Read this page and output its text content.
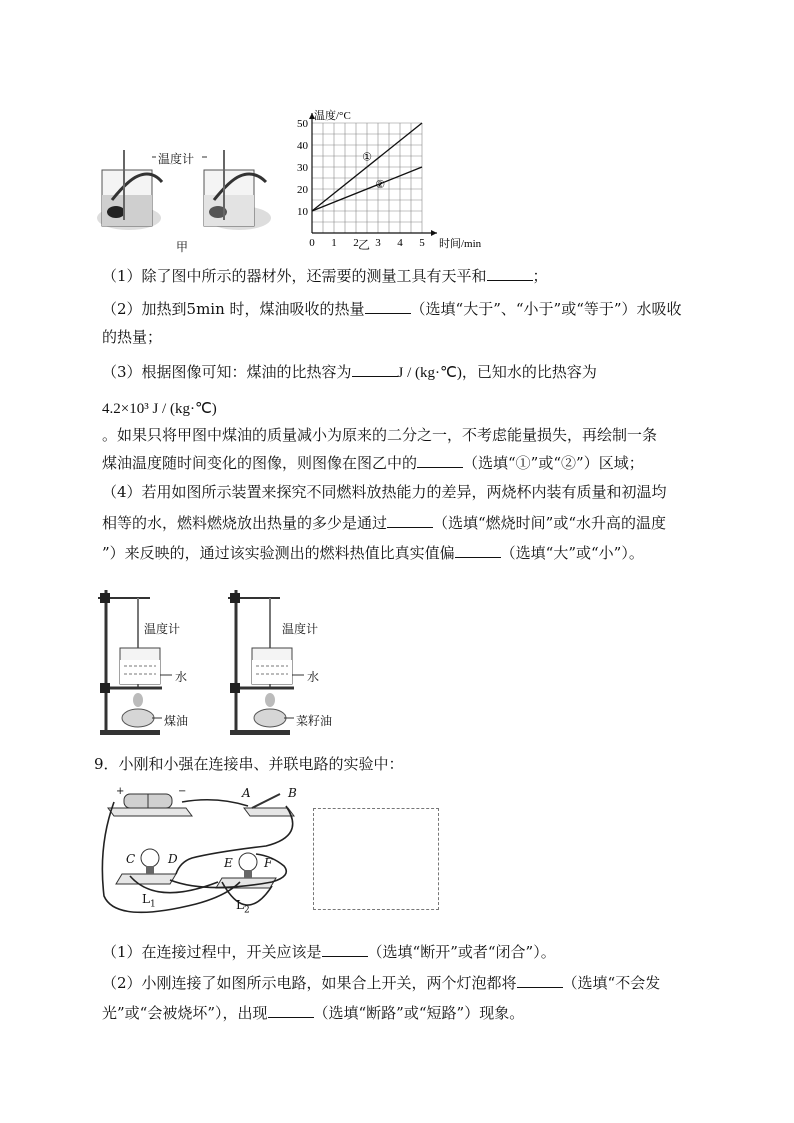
温度计
甲	0 1 2 3 4 5
10
20
30
40
50
温度/°C
时间/min
①
②
乙
（1）除了图中所示的器材外，还需要的测量工具有天平和	；
（2）加热到5min 时，煤油吸收的热量	（选填“大于”、“小于”或“等于”）水吸收
的热量；
（3）根据图像可知：煤油的比热容为	J / (kg·℃)，已知水的比热容为
4.2×10³ J / (kg·℃)
。如果只将甲图中煤油的质量减小为原来的二分之一，不考虑能量损失，再绘制一条
煤油温度随时间变化的图像，则图像在图乙中的	（选填“①”或“②”）区域；
（4）若用如图所示装置来探究不同燃料放热能力的差异，两烧杯内装有质量和初温均
相等的水，燃料燃烧放出热量的多少是通过	（选填“燃烧时间”或“水升高的温度
”）来反映的，通过该实验测出的燃料热值比真实值偏	（选填“大”或“小”）。
温度计	温度计
水	水
煤油	菜籽油
9．小刚和小强在连接串、并联电路的实验中：
+	−	A	B
C	D	E	F
$L_1$	$L_2$
（1）在连接过程中，开关应该是	（选填“断开”或者“闭合”）。
（2）小刚连接了如图所示电路，如果合上开关，两个灯泡都将	（选填“不会发
光”或“会被烧坏”），出现	（选填“断路”或“短路”）现象。
